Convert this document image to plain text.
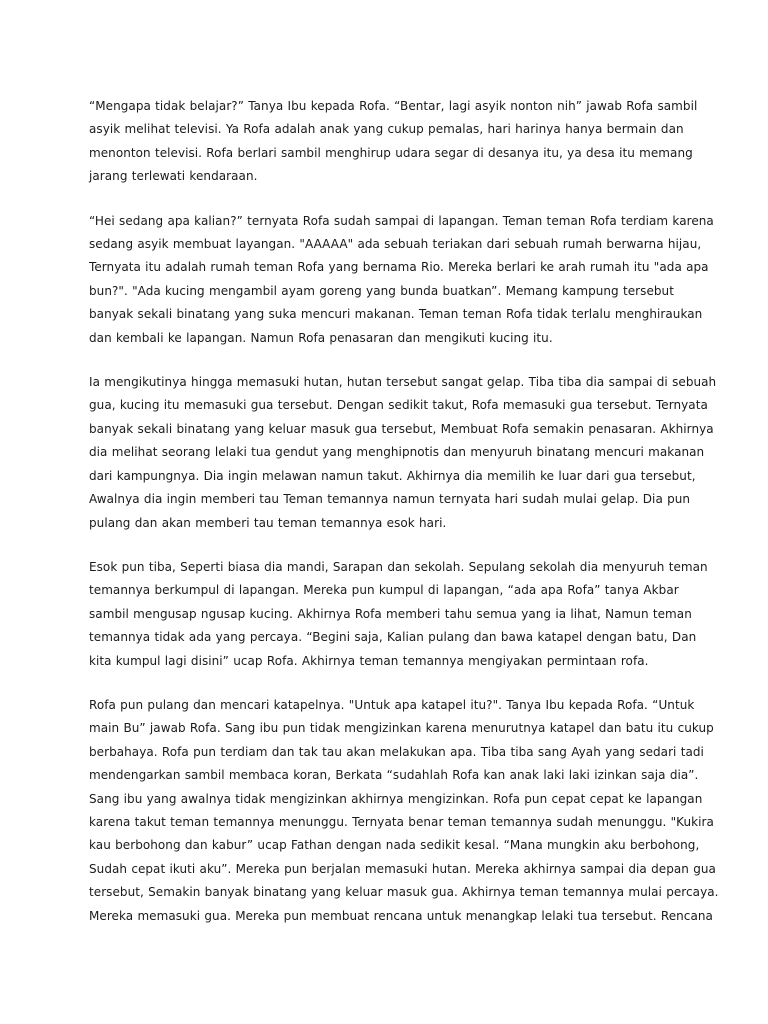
“Mengapa tidak belajar?” Tanya Ibu kepada Rofa. “Bentar, lagi asyik nonton nih” jawab Rofa sambil
asyik melihat televisi. Ya Rofa adalah anak yang cukup pemalas, hari harinya hanya bermain dan
menonton televisi. Rofa berlari sambil menghirup udara segar di desanya itu, ya desa itu memang
jarang terlewati kendaraan.

“Hei sedang apa kalian?” ternyata Rofa sudah sampai di lapangan. Teman teman Rofa terdiam karena
sedang asyik membuat layangan. "AAAAA" ada sebuah teriakan dari sebuah rumah berwarna hijau,
Ternyata itu adalah rumah teman Rofa yang bernama Rio. Mereka berlari ke arah rumah itu "ada apa
bun?". "Ada kucing mengambil ayam goreng yang bunda buatkan”. Memang kampung tersebut
banyak sekali binatang yang suka mencuri makanan. Teman teman Rofa tidak terlalu menghiraukan
dan kembali ke lapangan. Namun Rofa penasaran dan mengikuti kucing itu.

Ia mengikutinya hingga memasuki hutan, hutan tersebut sangat gelap. Tiba tiba dia sampai di sebuah
gua, kucing itu memasuki gua tersebut. Dengan sedikit takut, Rofa memasuki gua tersebut. Ternyata
banyak sekali binatang yang keluar masuk gua tersebut, Membuat Rofa semakin penasaran. Akhirnya
dia melihat seorang lelaki tua gendut yang menghipnotis dan menyuruh binatang mencuri makanan
dari kampungnya. Dia ingin melawan namun takut. Akhirnya dia memilih ke luar dari gua tersebut,
Awalnya dia ingin memberi tau Teman temannya namun ternyata hari sudah mulai gelap. Dia pun
pulang dan akan memberi tau teman temannya esok hari.

Esok pun tiba, Seperti biasa dia mandi, Sarapan dan sekolah. Sepulang sekolah dia menyuruh teman
temannya berkumpul di lapangan. Mereka pun kumpul di lapangan, “ada apa Rofa” tanya Akbar
sambil mengusap ngusap kucing. Akhirnya Rofa memberi tahu semua yang ia lihat, Namun teman
temannya tidak ada yang percaya. “Begini saja, Kalian pulang dan bawa katapel dengan batu, Dan
kita kumpul lagi disini” ucap Rofa. Akhirnya teman temannya mengiyakan permintaan rofa.

Rofa pun pulang dan mencari katapelnya. "Untuk apa katapel itu?". Tanya Ibu kepada Rofa. “Untuk
main Bu” jawab Rofa. Sang ibu pun tidak mengizinkan karena menurutnya katapel dan batu itu cukup
berbahaya. Rofa pun terdiam dan tak tau akan melakukan apa. Tiba tiba sang Ayah yang sedari tadi
mendengarkan sambil membaca koran, Berkata “sudahlah Rofa kan anak laki laki izinkan saja dia”.
Sang ibu yang awalnya tidak mengizinkan akhirnya mengizinkan. Rofa pun cepat cepat ke lapangan
karena takut teman temannya menunggu. Ternyata benar teman temannya sudah menunggu. "Kukira
kau berbohong dan kabur” ucap Fathan dengan nada sedikit kesal. “Mana mungkin aku berbohong,
Sudah cepat ikuti aku”. Mereka pun berjalan memasuki hutan. Mereka akhirnya sampai dia depan gua
tersebut, Semakin banyak binatang yang keluar masuk gua. Akhirnya teman temannya mulai percaya.
Mereka memasuki gua. Mereka pun membuat rencana untuk menangkap lelaki tua tersebut. Rencana
